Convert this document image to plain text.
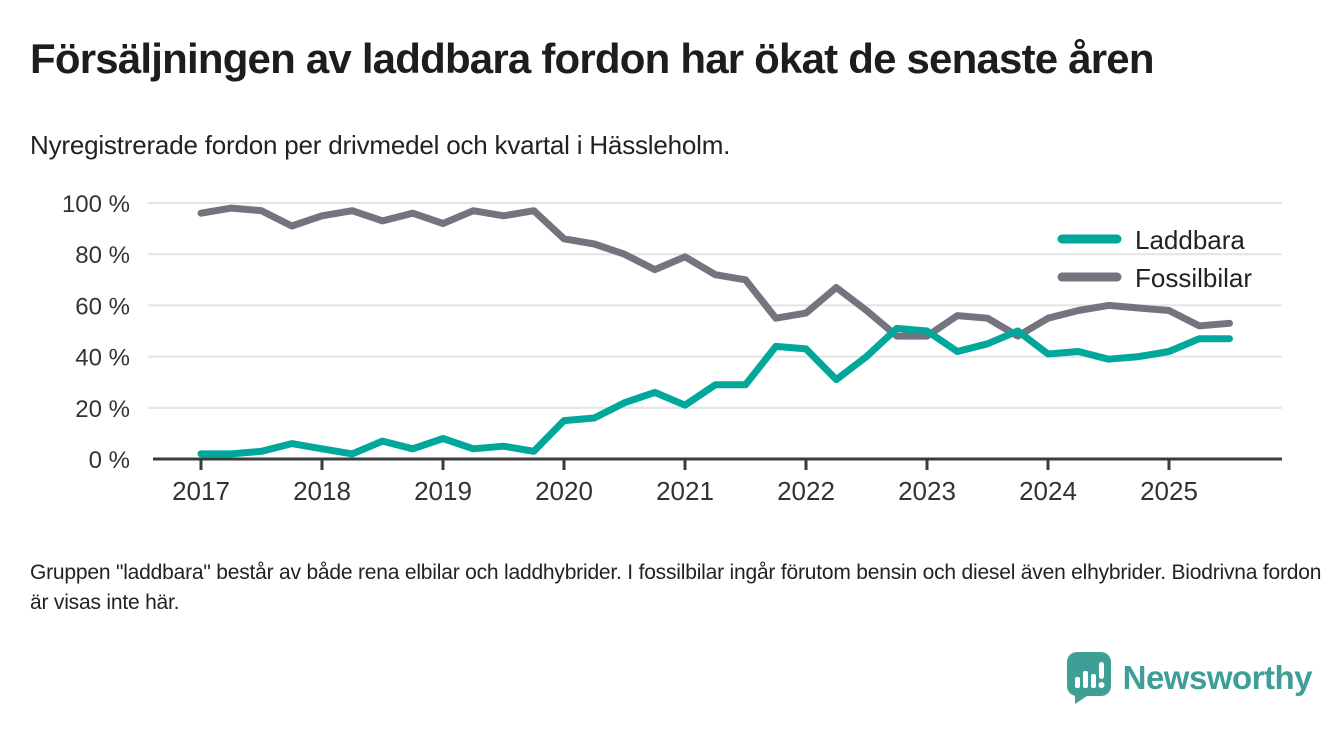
Försäljningen av laddbara fordon har ökat de senaste åren

Nyregistrerade fordon per drivmedel och kvartal i Hässleholm.

0 %
20 %
40 %
60 %
80 %
100 %
2017 2018 2019 2020 2021 2022 2023 2024 2025
Laddbara
Fossilbilar

Gruppen "laddbara" består av både rena elbilar och laddhybrider. I fossilbilar ingår förutom bensin och diesel även elhybrider. Biodrivna fordon är visas inte här.

Newsworthy
